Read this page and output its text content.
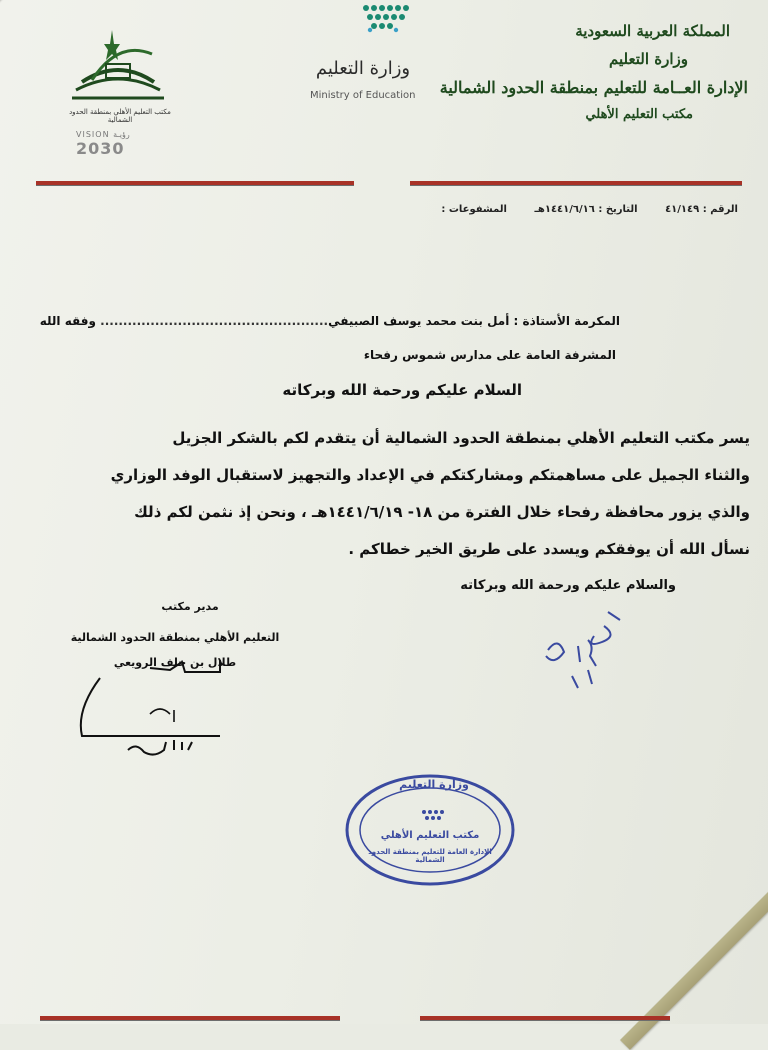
المملكة العربية السعودية
وزارة التعليم
الإدارة العــامة للتعليم بمنطقة الحدود الشمالية
مكتب التعليم الأهلي
وزارة التعليم
Ministry of Education
مكتب التعليم الأهلي بمنطقة الحدود الشمالية
VISION رؤيـة
2030
الرقم : ٤١/١٤٩ التاريخ : ١٤٤١/٦/١٦هـ المشفوعات :
المكرمة الأستاذة : أمل بنت محمد يوسف الصبيفي.................................................. وفقه الله
المشرفة العامة على مدارس شموس رفحاء
السلام عليكم ورحمة الله وبركاته

يسر مكتب التعليم الأهلي بمنطقة الحدود الشمالية أن يتقدم لكم بالشكر الجزيل

والثناء الجميل على مساهمتكم ومشاركتكم في الإعداد والتجهيز لاستقبال الوفد الوزاري

والذي يزور محافظة رفحاء خلال الفترة من ١٨- ١٤٤١/٦/١٩هـ ، ونحن إذ نثمن لكم ذلك

نسأل الله أن يوفقكم ويسدد على طريق الخير خطاكم .

والسلام عليكم ورحمة الله وبركاته
مدير مكتب
التعليم الأهلي بمنطقة الحدود الشمالية
طلال بن خلف الرويعي
وزارة التعليم
مكتب التعليم الأهلي
الإدارة العامة للتعليم بمنطقة الحدود الشمالية
